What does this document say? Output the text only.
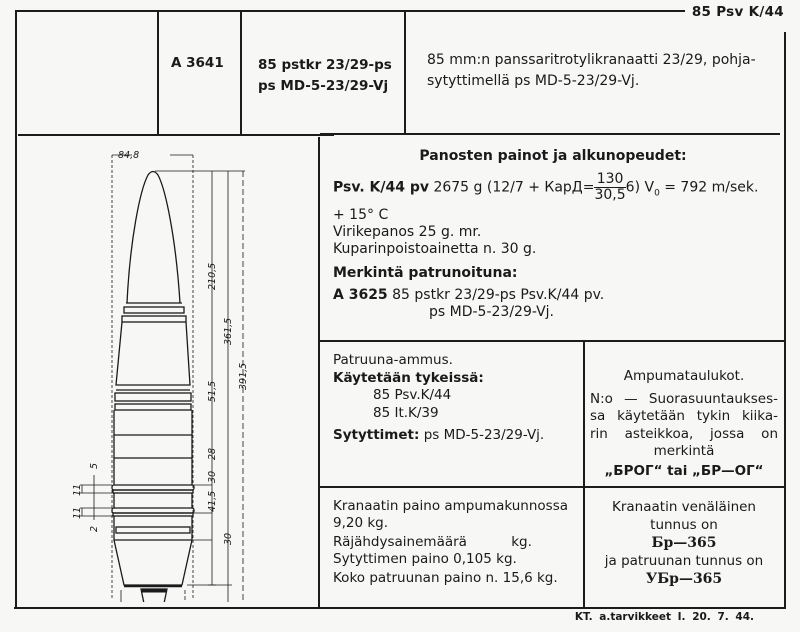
85 Psv K/44
A 3641	85 pstkr 23/29-ps
ps MD-5-23/29-Vj
85 mm:n panssaritrotylikranaatti 23/29, pohja-
sytyttimellä ps MD-5-23/29-Vj.
84,8
210,5
361,5
391,5
51,5
28
30
41,5
30
5
11
11
2
Panosten painot ja alkunopeudet:
Psv. K/44 pv 2675 g (12/7 + КарД= $\frac{130}{30,5} 6$) $V_0 = 792$ m/sek.
+ 15° C
Virikepanos 25 g. mr.
Kuparinpoistoainetta n. 30 g.
Merkintä patrunoituna:
A 3625 85 pstkr 23/29-ps Psv.K/44 pv.
ps MD-5-23/29-Vj.
Patruuna-ammus.
Käytetään tykeissä:
85 Psv.K/44
85 It.K/39
Sytyttimet: ps MD-5-23/29-Vj.
Ampumataulukot.
N:o — Suorasuuntaukses-
sa käytetään tykin kiika-
rin asteikkoa, jossa on
merkintä
„БРОГ“ tai „БР—ОГ“
Kranaatin paino ampumakunnossa
9,20 kg.
Räjähdysainemäärä	kg.
Sytyttimen paino 0,105 kg.
Koko patruunan paino n. 15,6 kg.
Kranaatin venäläinen
tunnus on
Бр—365
ja patruunan tunnus on
УБр—365
KT. a.tarvikkeet I. 20. 7. 44.
